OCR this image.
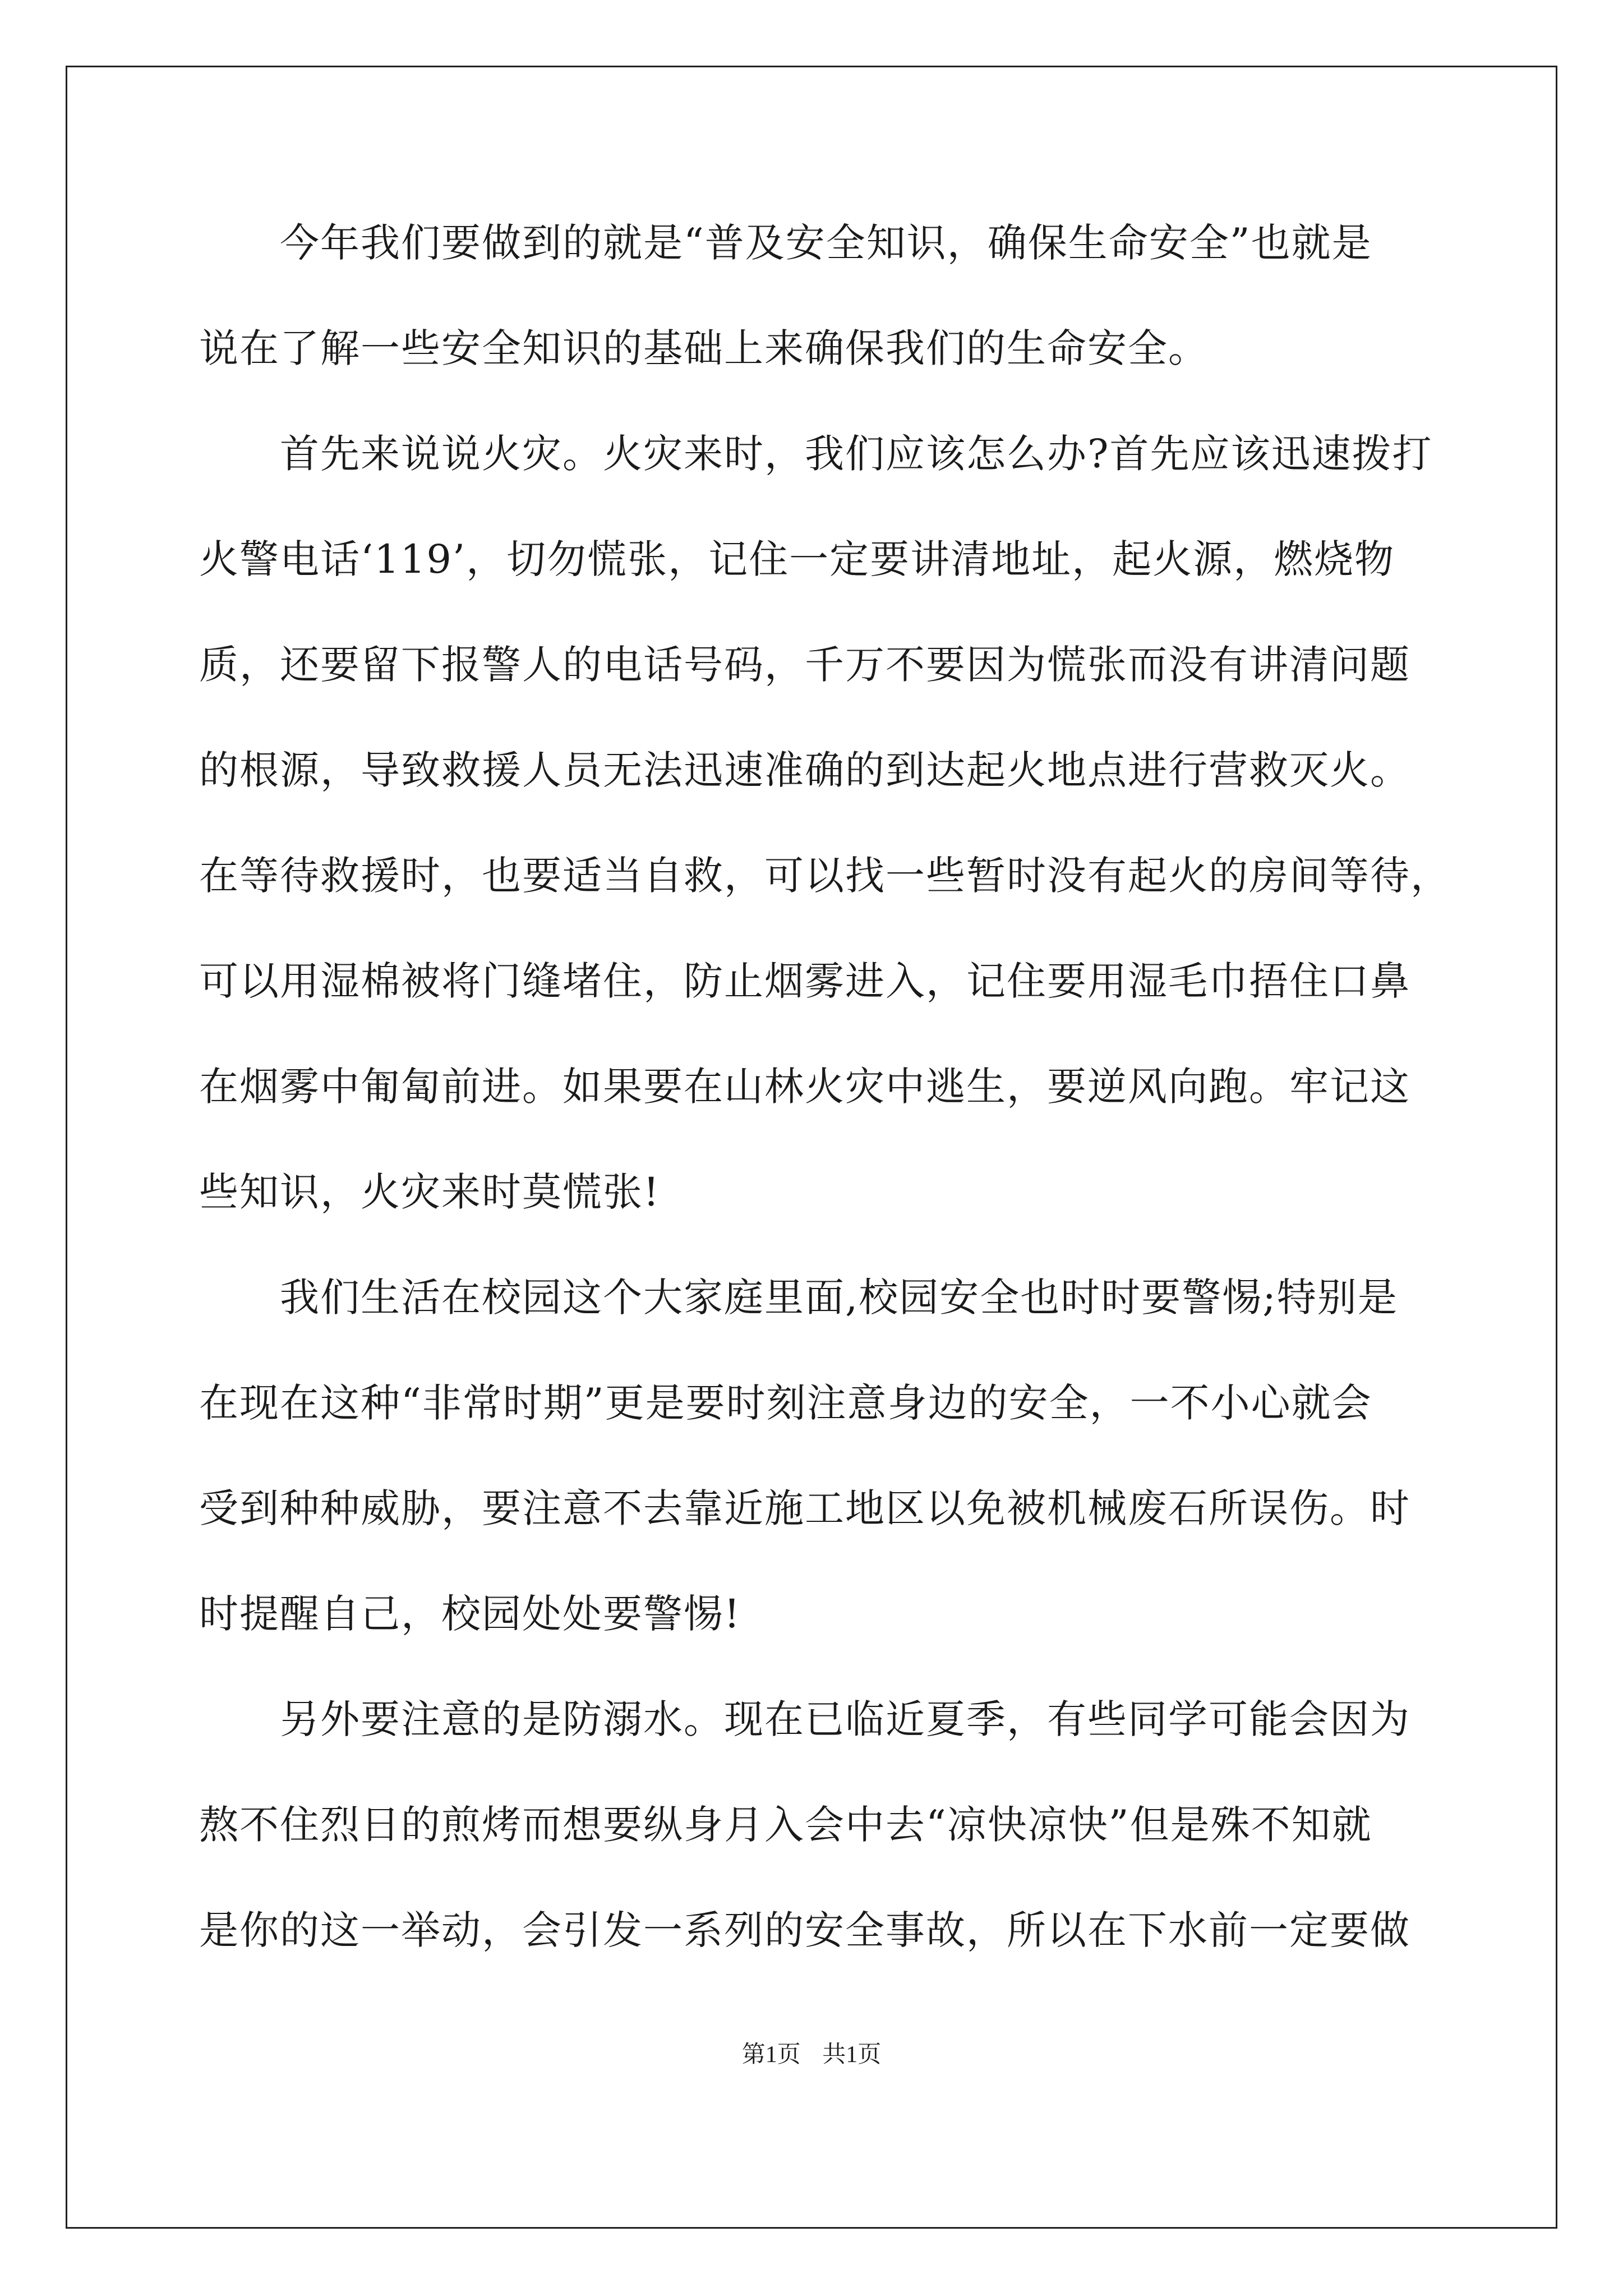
　　今年我们要做到的就是“普及安全知识，确保生命安全”也就是
说在了解一些安全知识的基础上来确保我们的生命安全。
　　首先来说说火灾。火灾来时，我们应该怎么办?首先应该迅速拨打
火警电话‘119’，切勿慌张，记住一定要讲清地址，起火源，燃烧物
质，还要留下报警人的电话号码，千万不要因为慌张而没有讲清问题
的根源，导致救援人员无法迅速准确的到达起火地点进行营救灭火。
在等待救援时，也要适当自救，可以找一些暂时没有起火的房间等待，
可以用湿棉被将门缝堵住，防止烟雾进入，记住要用湿毛巾捂住口鼻
在烟雾中匍匐前进。如果要在山林火灾中逃生，要逆风向跑。牢记这
些知识，火灾来时莫慌张!
　　我们生活在校园这个大家庭里面,校园安全也时时要警惕;特别是
在现在这种“非常时期”更是要时刻注意身边的安全，一不小心就会
受到种种威胁，要注意不去靠近施工地区以免被机械废石所误伤。时
时提醒自己，校园处处要警惕!
　　另外要注意的是防溺水。现在已临近夏季，有些同学可能会因为
熬不住烈日的煎烤而想要纵身月入会中去“凉快凉快”但是殊不知就
是你的这一举动，会引发一系列的安全事故，所以在下水前一定要做
第1页 共1页
